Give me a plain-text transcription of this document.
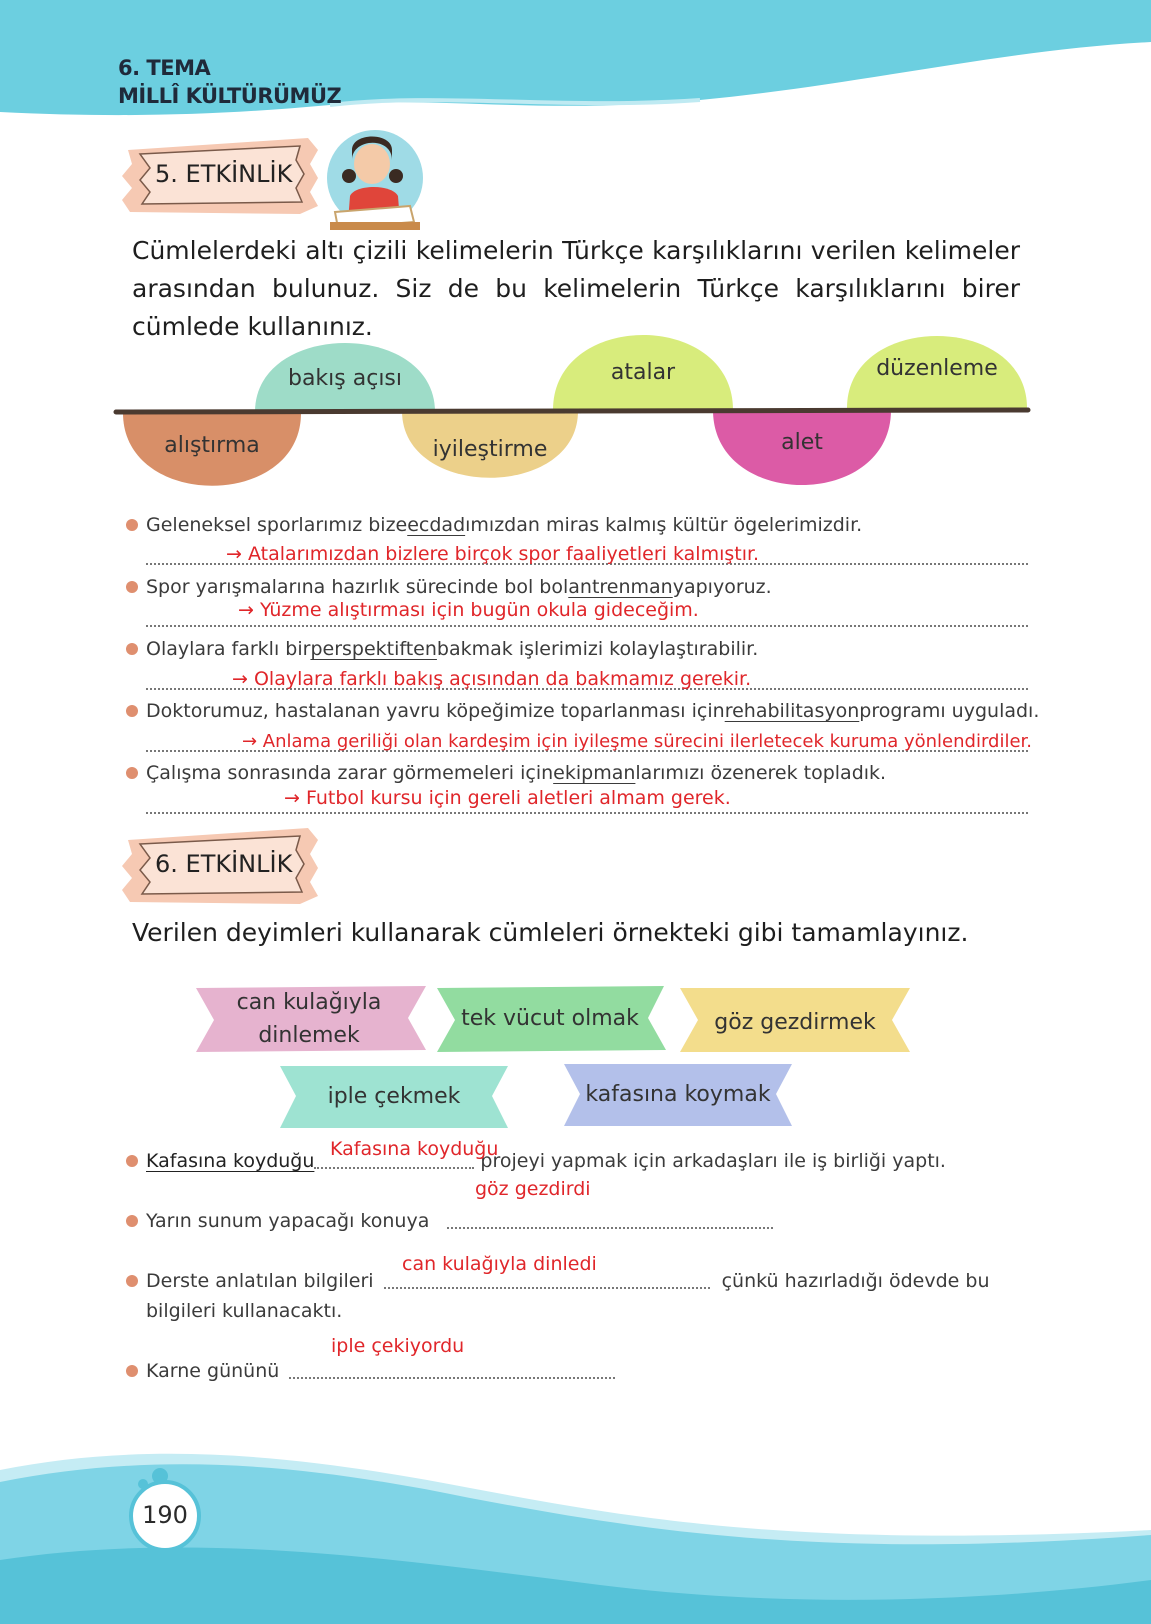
6. TEMA
MİLLÎ KÜLTÜRÜMÜZ
5. ETKİNLİK
Cümlelerdeki altı çizili kelimelerin Türkçe karşılıklarını verilen kelimeler arasından bulunuz. Siz de bu kelimelerin Türkçe karşılıklarını birer cümlede kullanınız.
bakış açısı	atalar	düzenleme
alıştırma	iyileştirme	alet
Geleneksel sporlarımız bize ecdad ımızdan miras kalmış kültür ögelerimizdir.
→ Atalarımızdan bizlere birçok spor faaliyetleri kalmıştır.
Spor yarışmalarına hazırlık sürecinde bol bol antrenman yapıyoruz.
→ Yüzme alıştırması için bugün okula gideceğim.
Olaylara farklı bir perspektiften bakmak işlerimizi kolaylaştırabilir.
→ Olaylara farklı bakış açısından da bakmamız gerekir.
Doktorumuz, hastalanan yavru köpeğimize toparlanması için rehabilitasyon programı uyguladı.
→ Anlama geriliği olan kardeşim için iyileşme sürecini ilerletecek kuruma yönlendirdiler.
Çalışma sonrasında zarar görmemeleri için ekipman larımızı özenerek topladık.
→ Futbol kursu için gereli aletleri almam gerek.
6. ETKİNLİK
Verilen deyimleri kullanarak cümleleri örnekteki gibi tamamlayınız.
can kulağıyla dinlemek
tek vücut olmak	göz gezdirmek
iple çekmek	kafasına koymak
Kafasına koyduğu	projeyi yapmak için arkadaşları ile iş birliği yaptı.
Kafasına koyduğu
göz gezdirdi
Yarın sunum yapacağı konuya
can kulağıyla dinledi
Derste anlatılan bilgileri	çünkü hazırladığı ödevde bu
bilgileri kullanacaktı.
iple çekiyordu
Karne gününü
190
